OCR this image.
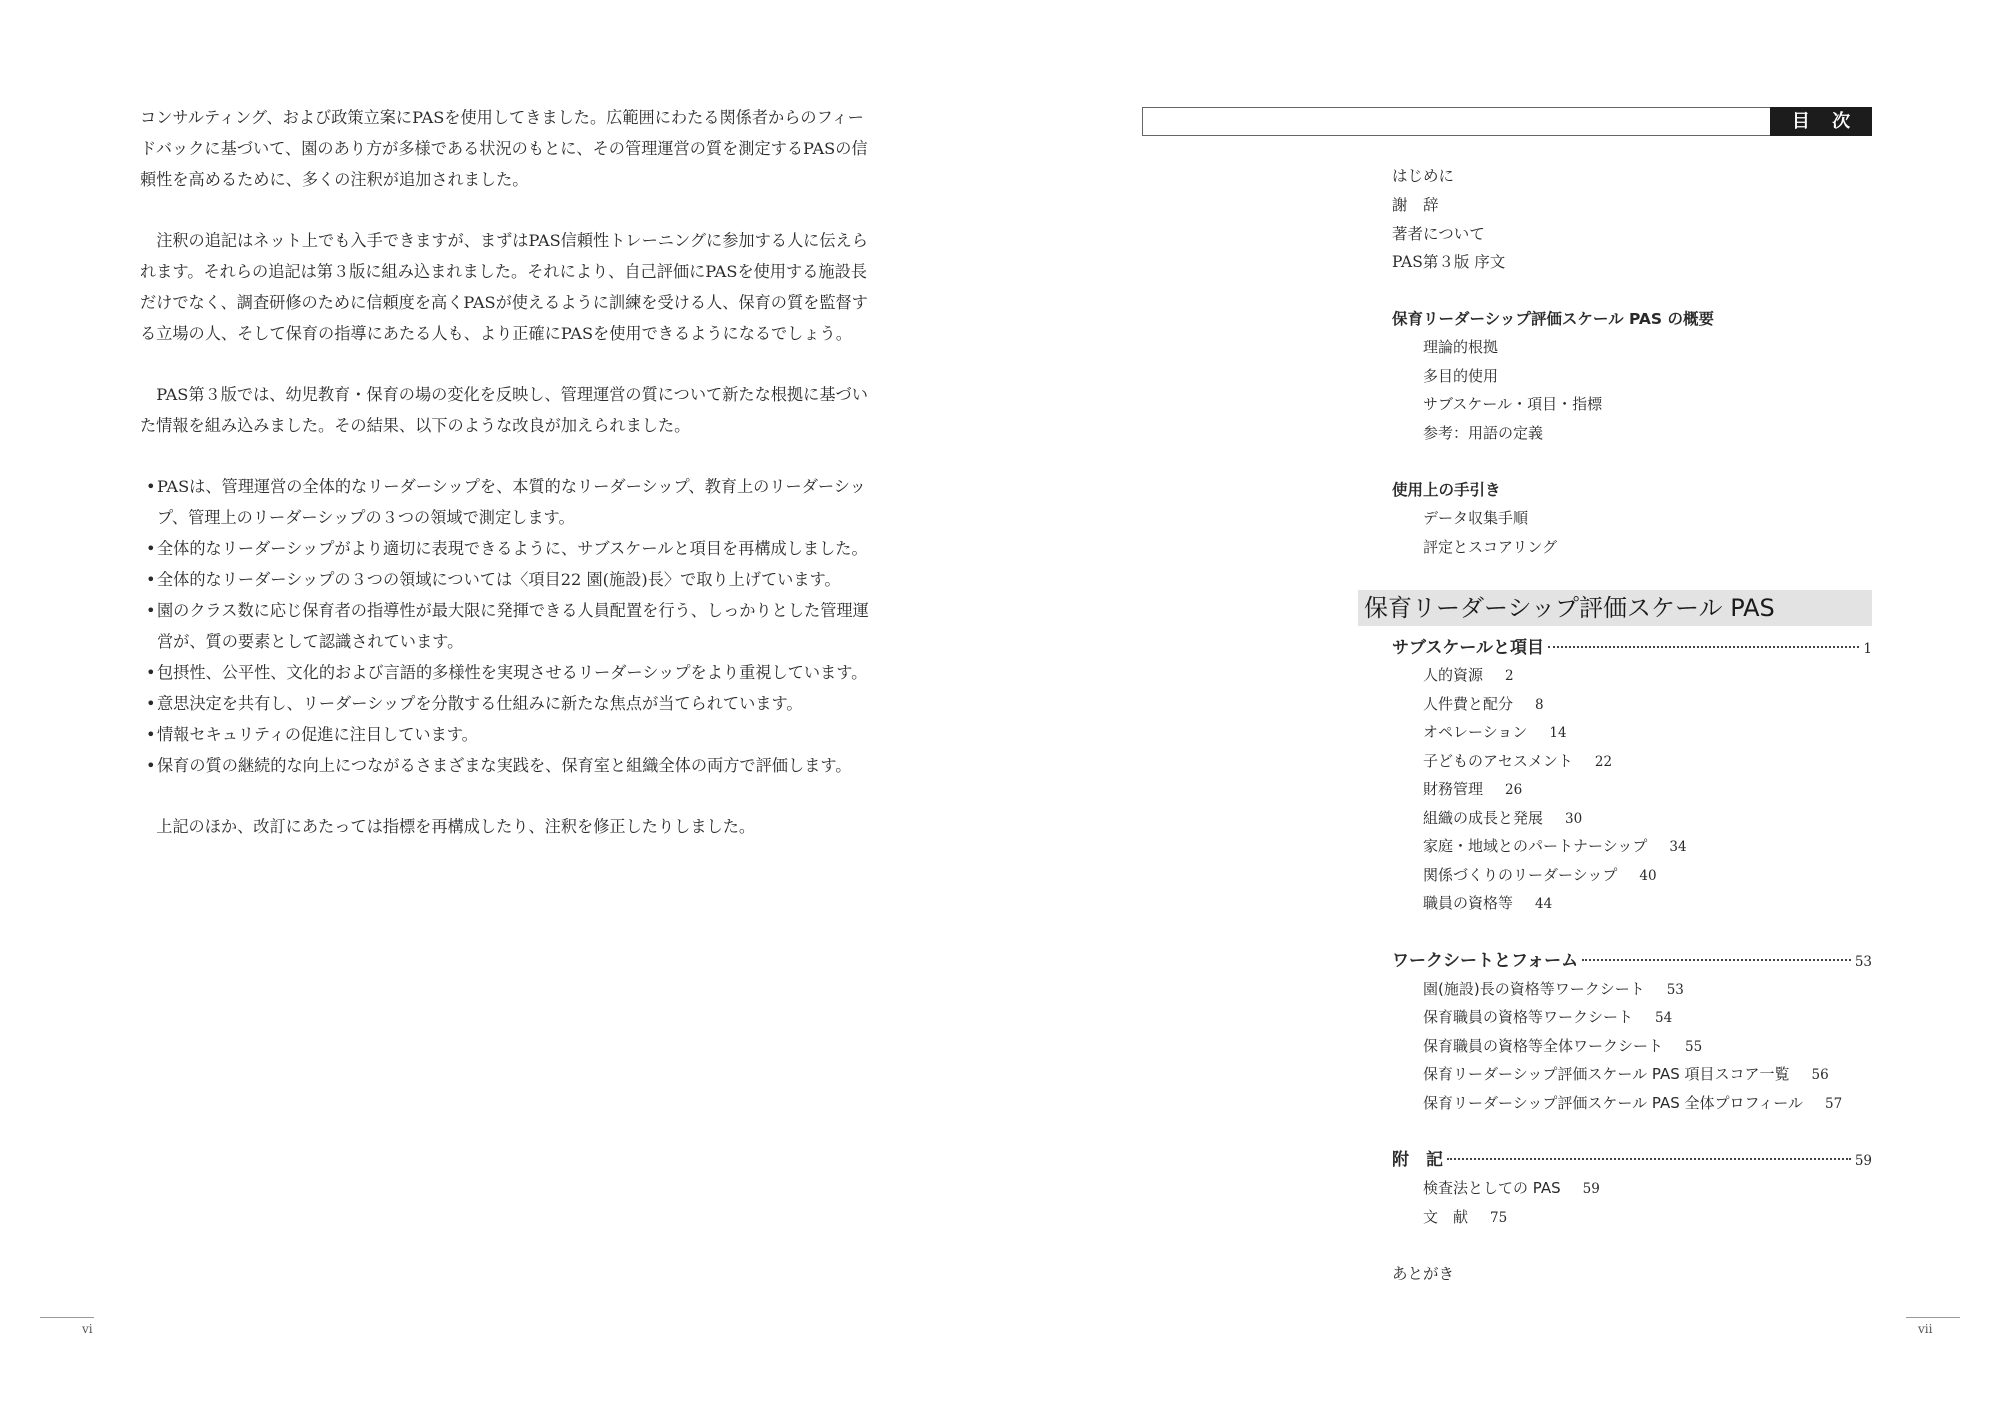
コンサルティング、および政策立案にPASを使用してきました。広範囲にわたる関係者からのフィードバックに基づいて、園のあり方が多様である状況のもとに、その管理運営の質を測定するPASの信頼性を高めるために、多くの注釈が追加されました。

注釈の追記はネット上でも入手できますが、まずはPAS信頼性トレーニングに参加する人に伝えられます。それらの追記は第３版に組み込まれました。それにより、自己評価にPASを使用する施設長だけでなく、調査研修のために信頼度を高くPASが使えるように訓練を受ける人、保育の質を監督する立場の人、そして保育の指導にあたる人も、より正確にPASを使用できるようになるでしょう。

PAS第３版では、幼児教育・保育の場の変化を反映し、管理運営の質について新たな根拠に基づいた情報を組み込みました。その結果、以下のような改良が加えられました。

•PASは、管理運営の全体的なリーダーシップを、本質的なリーダーシップ、教育上のリーダーシップ、管理上のリーダーシップの３つの領域で測定します。
•全体的なリーダーシップがより適切に表現できるように、サブスケールと項目を再構成しました。
•全体的なリーダーシップの３つの領域については〈項目22 園(施設)長〉で取り上げています。
•園のクラス数に応じ保育者の指導性が最大限に発揮できる人員配置を行う、しっかりとした管理運営が、質の要素として認識されています。
•包摂性、公平性、文化的および言語的多様性を実現させるリーダーシップをより重視しています。
•意思決定を共有し、リーダーシップを分散する仕組みに新たな焦点が当てられています。
•情報セキュリティの促進に注目しています。
•保育の質の継続的な向上につながるさまざまな実践を、保育室と組織全体の両方で評価します。

上記のほか、改訂にあたっては指標を再構成したり、注釈を修正したりしました。

vi
目 次
はじめに
謝　辞
著者について
PAS第３版 序文
保育リーダーシップ評価スケール PAS の概要
理論的根拠
多目的使用
サブスケール・項目・指標
参考：用語の定義
使用上の手引き
データ収集手順
評定とスコアリング
保育リーダーシップ評価スケール PAS
サブスケールと項目	1
人的資源 2
人件費と配分 8
オペレーション 14
子どものアセスメント 22
財務管理 26
組織の成長と発展 30
家庭・地域とのパートナーシップ 34
関係づくりのリーダーシップ 40
職員の資格等 44
ワークシートとフォーム	53
園(施設)長の資格等ワークシート 53
保育職員の資格等ワークシート 54
保育職員の資格等全体ワークシート 55
保育リーダーシップ評価スケール PAS 項目スコア一覧 56
保育リーダーシップ評価スケール PAS 全体プロフィール 57
附　記	59
検査法としての PAS 59
文　献 75
あとがき
vii
